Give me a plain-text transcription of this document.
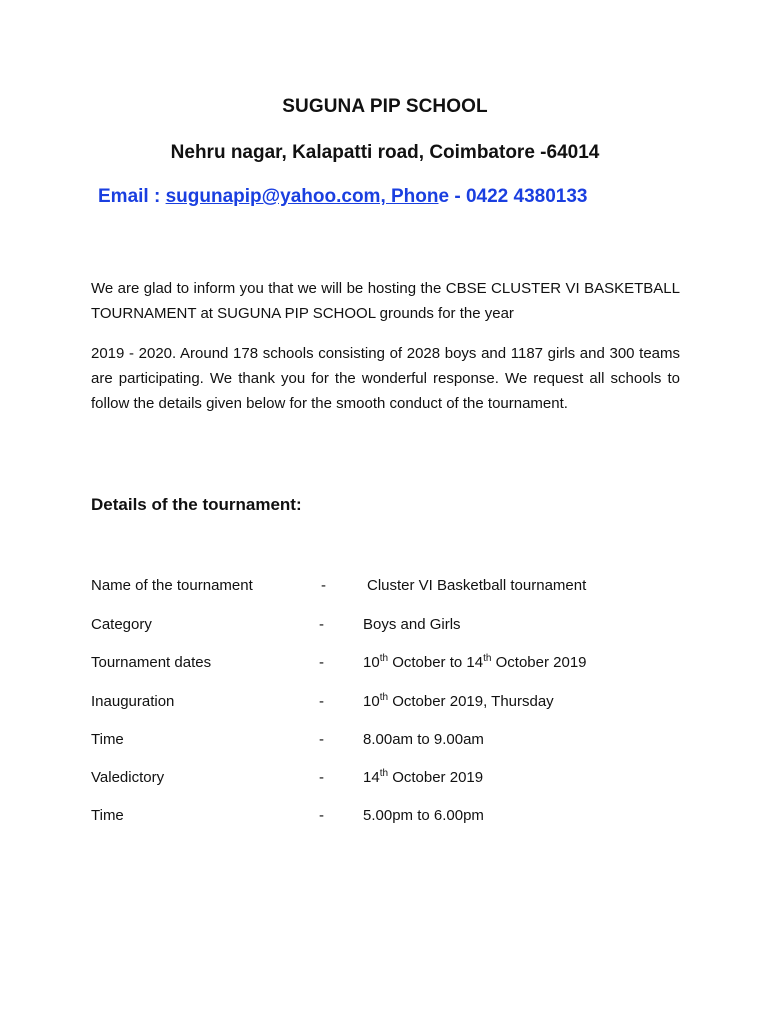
SUGUNA PIP SCHOOL
Nehru nagar, Kalapatti road, Coimbatore -64014
Email : sugunapip@yahoo.com, Phone - 0422 4380133
We are glad to inform you that we will be hosting the CBSE CLUSTER VI BASKETBALL TOURNAMENT at SUGUNA PIP SCHOOL grounds for the year
2019 - 2020. Around 178 schools consisting of 2028 boys and 1187 girls and 300 teams are participating. We thank you for the wonderful response. We request all schools to follow the details given below for the smooth conduct of the tournament.
Details of the tournament:
Name of the tournament	-	Cluster VI Basketball tournament
Category	-	Boys and Girls
Tournament dates	-	10th October to 14th October 2019
Inauguration	-	10th October 2019, Thursday
Time	-	8.00am to 9.00am
Valedictory	-	14th October 2019
Time	-	5.00pm to 6.00pm
